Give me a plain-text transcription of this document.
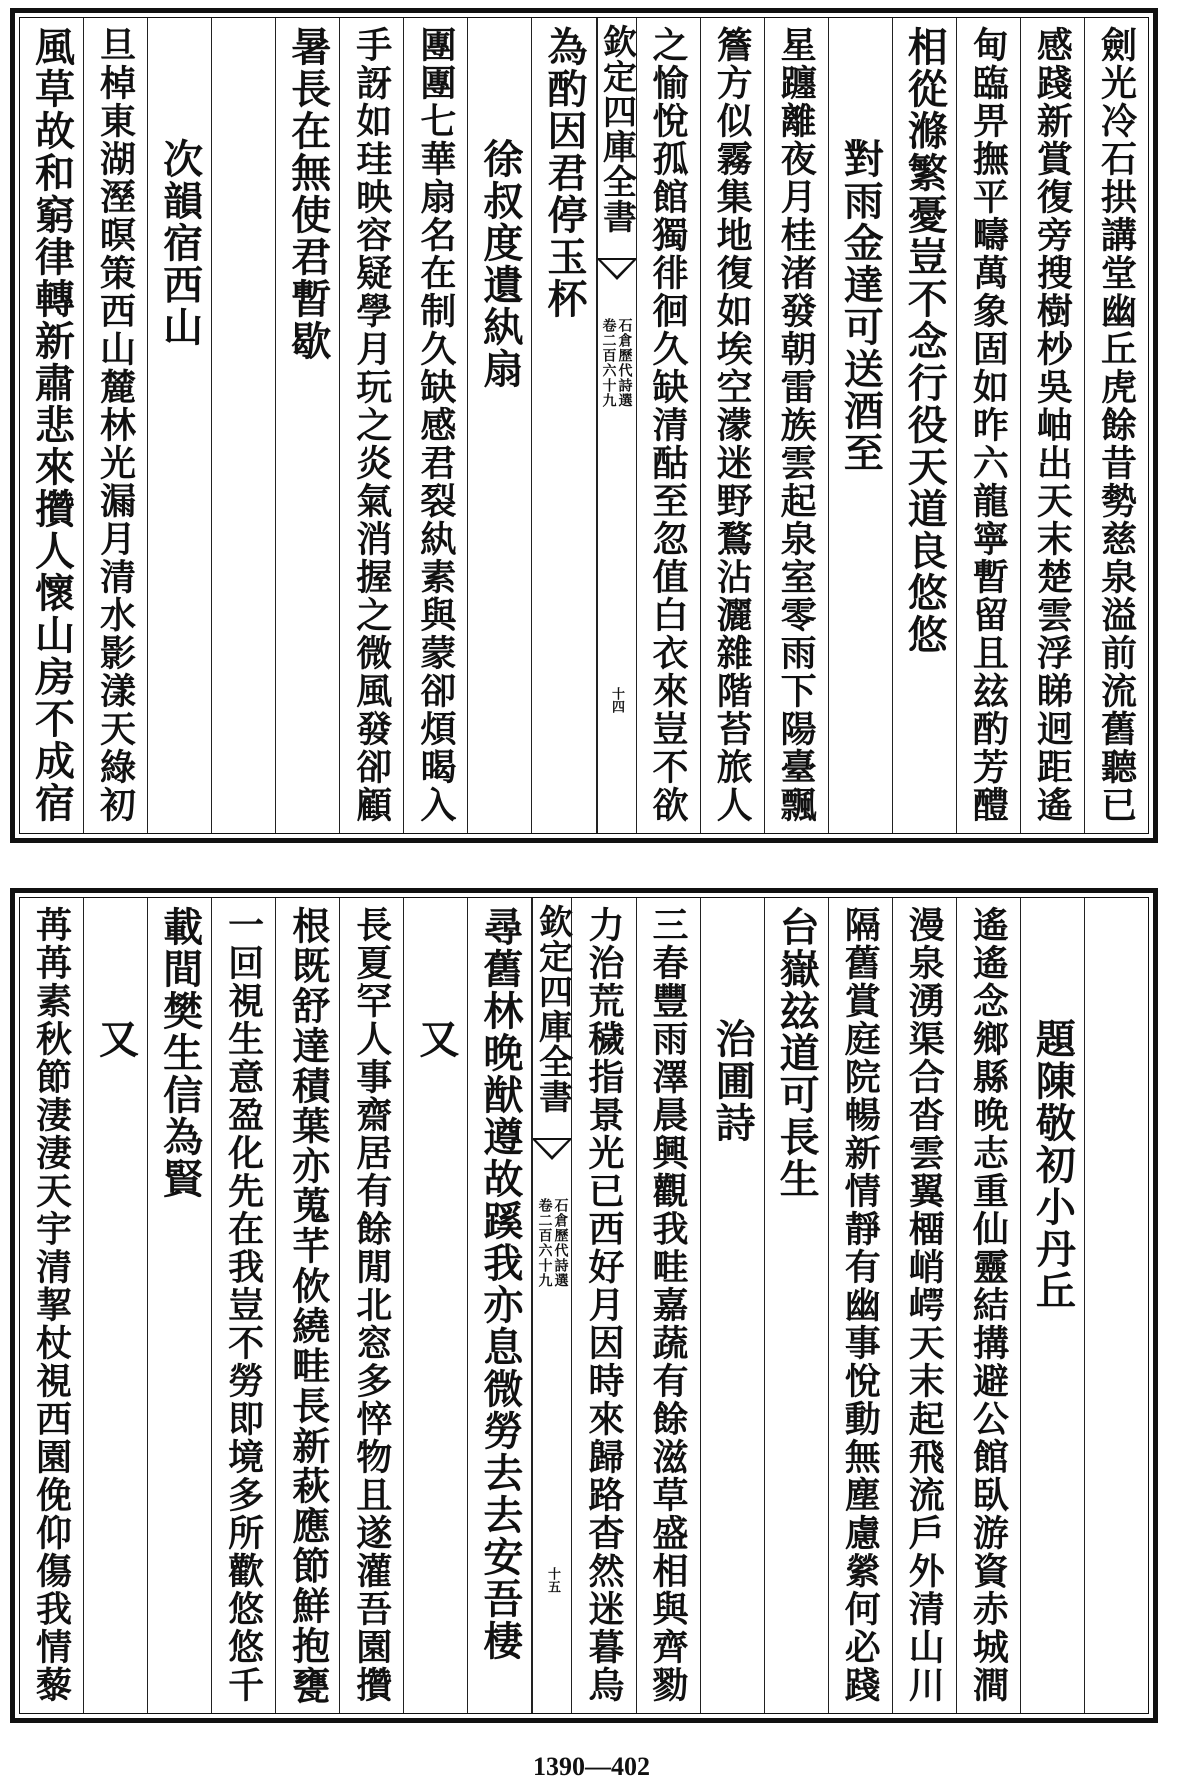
劍光冷石拱講堂幽丘虎餘昔勢慈泉溢前流舊聽已
感踐新賞復旁搜樹杪吳岫出天末楚雲浮睇迥距遙
甸臨畀撫平疇萬象固如昨六龍寧暫留且玆酌芳醴
相從滌繁憂豈不念行役天道良悠悠
對雨金達可送酒至
星躔離夜月桂渚發朝雷族雲起泉室零雨下陽臺飄
簷方似霧集地復如埃空濛迷野鶩沾灑雜階苔旅人
之愉悅孤館獨徘徊久缺清酤至忽值白衣來豈不欲
欽定四庫全書
石倉歷代詩選
卷二百六十九
十四
為酌因君停玉杯
徐叔度遺紈扇
團團七華扇名在制久缺感君裂紈素與蒙卻煩暍入
手訝如珪映容疑學月玩之炎氣消握之微風發卻顧
暑長在無使君暫歇
次韻宿西山
旦棹東湖溼暝策西山麓林光漏月清水影漾天綠初
風草故和窮律轉新肅悲來攢人懷山房不成宿
題陳敬初小丹丘
遙遙念鄉縣晚志重仙靈結搆避公館臥游資赤城澗
漫泉湧渠合沓雲翼橊峭崿天末起飛流戶外清山川
隔舊賞庭院暢新情靜有幽事悅動無塵慮縈何必踐
台嶽玆道可長生
治圃詩
三春豐雨澤晨興觀我畦嘉蔬有餘滋草盛相與齊勠
力治荒穢指景光已西好月因時來歸路杳然迷暮烏
欽定四庫全書
石倉歷代詩選
卷二百六十九
十五
尋舊林晚猷遵故蹊我亦息微勞去去安吾棲
又
長夏罕人事齋居有餘閒北窓多悴物且遂灌吾園攢
根既舒達積葉亦蒐芊佽繞畦長新萩應節鮮抱甕
一回視生意盈化先在我豈不勞即境多所歡悠悠千
載間樊生信為賢
又
苒苒素秋節淒淒天宇清挈杖視西園俛仰傷我情藜
1390—402
